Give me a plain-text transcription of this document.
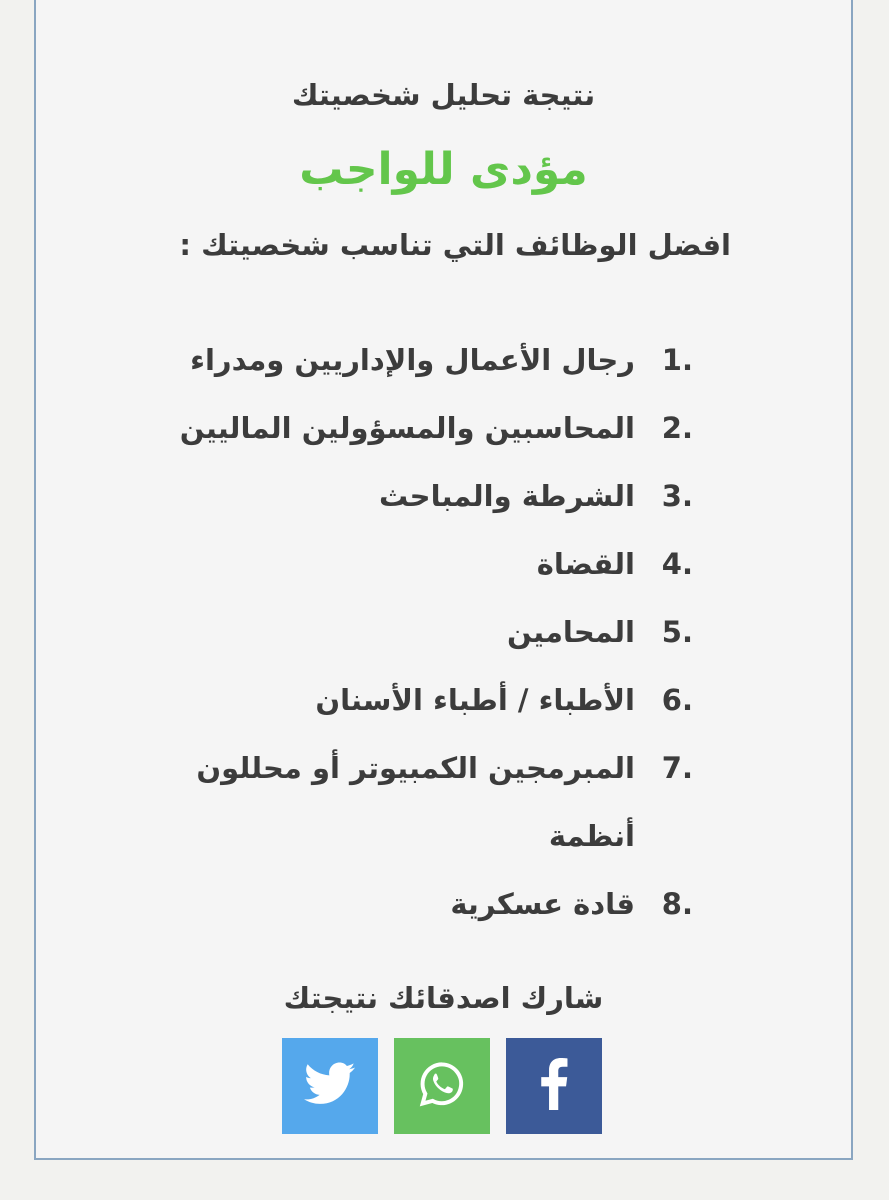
نتيجة تحليل شخصيتك
مؤدى للواجب
افضل الوظائف التي تناسب شخصيتك :
1.
رجال الأعمال والإداريين ومدراء
2.
المحاسبين والمسؤولين الماليين
3.
الشرطة والمباحث
4.
القضاة
5.
المحامين
6.
الأطباء / أطباء الأسنان
7.
المبرمجين الكمبيوتر أو محللون أنظمة
8.
قادة عسكرية
شارك اصدقائك نتيجتك
